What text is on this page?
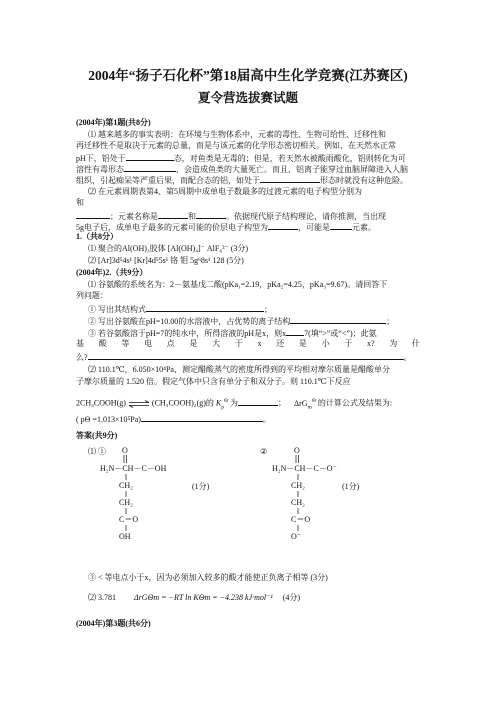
2004年“扬子石化杯”第18届高中生化学竞赛(江苏赛区)
夏令营选拔赛试题
(2004年)第1题(共8分)
⑴ 越来越多的事实表明：在环境与生物体系中，元素的毒性、生物可给性、迁移性和
再迁移性不是取决于元素的总量，而是与该元素的化学形态密切相关。例如，在天然水正常
pH下，铝处于	态，对鱼类是无毒的；但是，若天然水被酸雨酸化，铝则转化为可
溶性有毒形态	，会造成鱼类的大量死亡。而且，铝离子能穿过血脑屏障进入人脑
组织，引起痴呆等严重后果，而配合态的铝，如处于	形态时就没有这种危险。
⑵ 在元素周期表第4、第5周期中成单电子数最多的过渡元素的电子构型分别为
和
；元素名称是	和	。依据现代原子结构理论，请你推测，当出现
5g电子后，成单电子最多的元素可能的价层电子构型为	，可能是	元素。
1.（共8分）
⑴ 聚合的Al(OH)₃胶体 [Al(OH)₄]⁻ AlF₆³⁻ (3分)
⑵ [Ar]3d⁵4s¹ [Kr]4d⁵5s¹ 铬 钼 5g⁶8s¹ 128 (5分)
(2004年)2.（共9分）
⑴ 谷氨酸的系统名为：2－氨基戊二酸(pKa₁=2.19，pKa₂=4.25，pKa₃=9.67)。请回答下
列问题：
① 写出其结构式	；
② 写出谷氨酸在pH=10.00的水溶液中，占优势的离子结构	；
③ 若谷氨酸溶于pH=7的纯水中，所得溶液的pH是x，则x 7(填“>”或“<”)；此氨
基 酸 等 电 点 是 大 于 x 还 是 小 于 x? 为 什
么?	。
⑵ 110.1℃，6.050×10⁴Pa，测定醋酸蒸气的密度所得到的平均相对摩尔质量是醋酸单分
子摩尔质量的 1.520 倍。假定气体中只含有单分子和双分子。则 110.1℃下反应
2CH₃COOH(g) ⇌ (CH₃COOH)₂(g)的 $K_p^\Theta$ 为	； ΔrG$_m^\Theta$ 的计算公式及结果为:
( pΘ =1.013×10⁵Pa)	。
答案(共9分)
⑴ ①	②
O
H₂N－CH－C－OH
CH₂
CH₂
C＝O
OH
(1分)
O
H₂N－CH－C－O⁻
CH₂
CH₂
C＝O
O⁻
(1分)
③ < 等电点小于x，因为必须加入较多的酸才能使正负离子相等 (3分)
⑵ 3.781 ΔrGΘm = −RT ln KΘm = −4.238 kJ·mol⁻¹ (4分)
(2004年)第3题(共6分)
